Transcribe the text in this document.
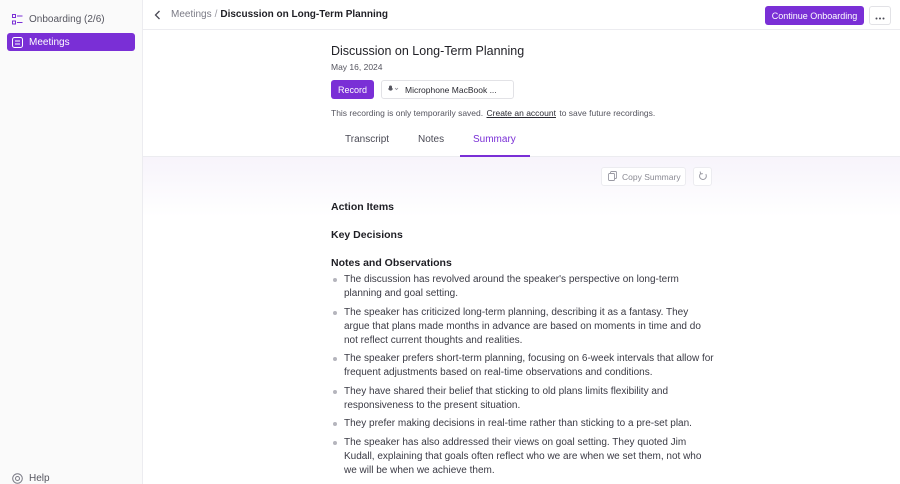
Onboarding (2/6)
Meetings
Help
Meetings / Discussion on Long-Term Planning	Continue Onboarding
Discussion on Long-Term Planning
May 16, 2024
Record	Microphone MacBook ...
This recording is only temporarily saved. Create an account to save future recordings.
Transcript	Notes	Summary
Copy Summary
Action Items
Key Decisions
Notes and Observations
The discussion has revolved around the speaker's perspective on long-term planning and goal setting.
The speaker has criticized long-term planning, describing it as a fantasy. They argue that plans made months in advance are based on moments in time and do not reflect current thoughts and realities.
The speaker prefers short-term planning, focusing on 6-week intervals that allow for frequent adjustments based on real-time observations and conditions.
They have shared their belief that sticking to old plans limits flexibility and responsiveness to the present situation.
They prefer making decisions in real-time rather than sticking to a pre-set plan.
The speaker has also addressed their views on goal setting. They quoted Jim Kudall, explaining that goals often reflect who we are when we set them, not who we will be when we achieve them.
